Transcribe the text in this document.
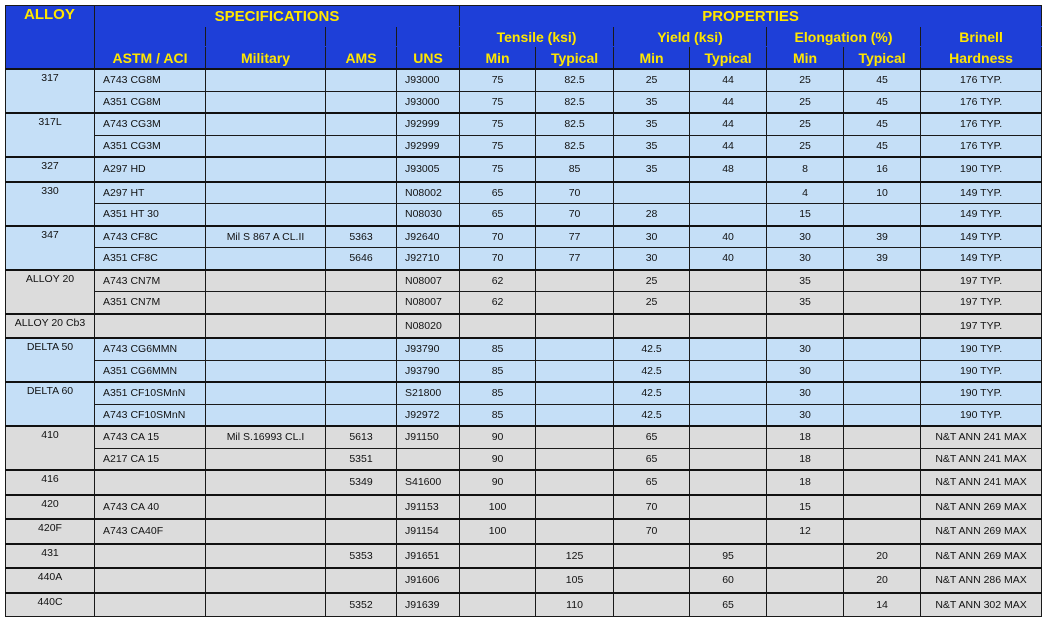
ALLOY	SPECIFICATIONS				PROPERTIES						
					Tensile (ksi)		Yield (ksi)		Elongation (%)		Brinell
	ASTM / ACI	Military	AMS	UNS	Min	Typical	Min	Typical	Min	Typical	Hardness
317	A743 CG8M			J93000	75	82.5	25	44	25	45	176 TYP.
	A351 CG8M			J93000	75	82.5	35	44	25	45	176 TYP.
317L	A743 CG3M			J92999	75	82.5	35	44	25	45	176 TYP.
	A351 CG3M			J92999	75	82.5	35	44	25	45	176 TYP.
327	A297 HD			J93005	75	85	35	48	8	16	190 TYP.
330	A297 HT			N08002	65	70			4	10	149 TYP.
	A351 HT 30			N08030	65	70	28		15		149 TYP.
347	A743 CF8C	Mil S 867 A CL.II	5363	J92640	70	77	30	40	30	39	149 TYP.
	A351 CF8C		5646	J92710	70	77	30	40	30	39	149 TYP.
ALLOY 20	A743 CN7M			N08007	62		25		35		197 TYP.
	A351 CN7M			N08007	62		25		35		197 TYP.
ALLOY 20 Cb3				N08020							197 TYP.
DELTA 50	A743 CG6MMN			J93790	85		42.5		30		190 TYP.
	A351 CG6MMN			J93790	85		42.5		30		190 TYP.
DELTA 60	A351 CF10SMnN			S21800	85		42.5		30		190 TYP.
	A743 CF10SMnN			J92972	85		42.5		30		190 TYP.
410	A743 CA 15	Mil S.16993 CL.I	5613	J91150	90		65		18		N&T ANN 241 MAX
	A217 CA 15		5351		90		65		18		N&T ANN 241 MAX
416			5349	S41600	90		65		18		N&T ANN 241 MAX
420	A743 CA 40			J91153	100		70		15		N&T ANN 269 MAX
420F	A743 CA40F			J91154	100		70		12		N&T ANN 269 MAX
431			5353	J91651		125		95		20	N&T ANN 269 MAX
440A				J91606		105		60		20	N&T ANN 286 MAX
440C			5352	J91639		110		65		14	N&T ANN 302 MAX
